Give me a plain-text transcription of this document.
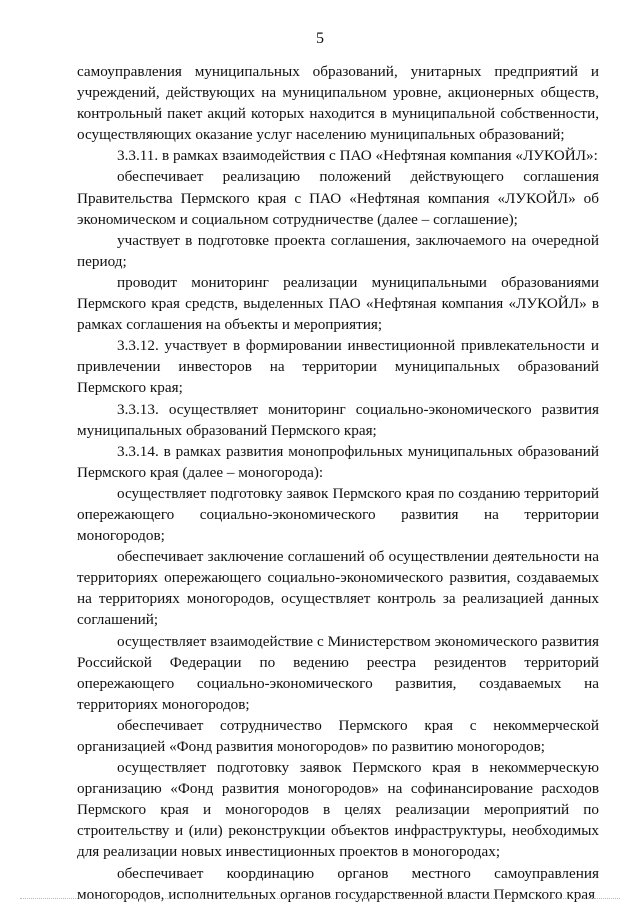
5

самоуправления муниципальных образований, унитарных предприятий и учреждений, действующих на муниципальном уровне, акционерных обществ, контрольный пакет акций которых находится в муниципальной собственности, осуществляющих оказание услуг населению муниципальных образований;

3.3.11. в рамках взаимодействия с ПАО «Нефтяная компания «ЛУКОЙЛ»:

обеспечивает реализацию положений действующего соглашения Правительства Пермского края с ПАО «Нефтяная компания «ЛУКОЙЛ» об экономическом и социальном сотрудничестве (далее – соглашение);

участвует в подготовке проекта соглашения, заключаемого на очередной период;

проводит мониторинг реализации муниципальными образованиями Пермского края средств, выделенных ПАО «Нефтяная компания «ЛУКОЙЛ» в рамках соглашения на объекты и мероприятия;

3.3.12. участвует в формировании инвестиционной привлекательности и привлечении инвесторов на территории муниципальных образований Пермского края;

3.3.13. осуществляет мониторинг социально-экономического развития муниципальных образований Пермского края;

3.3.14. в рамках развития монопрофильных муниципальных образований Пермского края (далее – моногорода):

осуществляет подготовку заявок Пермского края по созданию территорий опережающего социально-экономического развития на территории моногородов;

обеспечивает заключение соглашений об осуществлении деятельности на территориях опережающего социально-экономического развития, создаваемых на территориях моногородов, осуществляет контроль за реализацией данных соглашений;

осуществляет взаимодействие с Министерством экономического развития Российской Федерации по ведению реестра резидентов территорий опережающего социально-экономического развития, создаваемых на территориях моногородов;

обеспечивает сотрудничество Пермского края с некоммерческой организацией «Фонд развития моногородов» по развитию моногородов;

осуществляет подготовку заявок Пермского края в некоммерческую организацию «Фонд развития моногородов» на софинансирование расходов Пермского края и моногородов в целях реализации мероприятий по строительству и (или) реконструкции объектов инфраструктуры, необходимых для реализации новых инвестиционных проектов в моногородах;

обеспечивает координацию органов местного самоуправления моногородов, исполнительных органов государственной власти Пермского края
